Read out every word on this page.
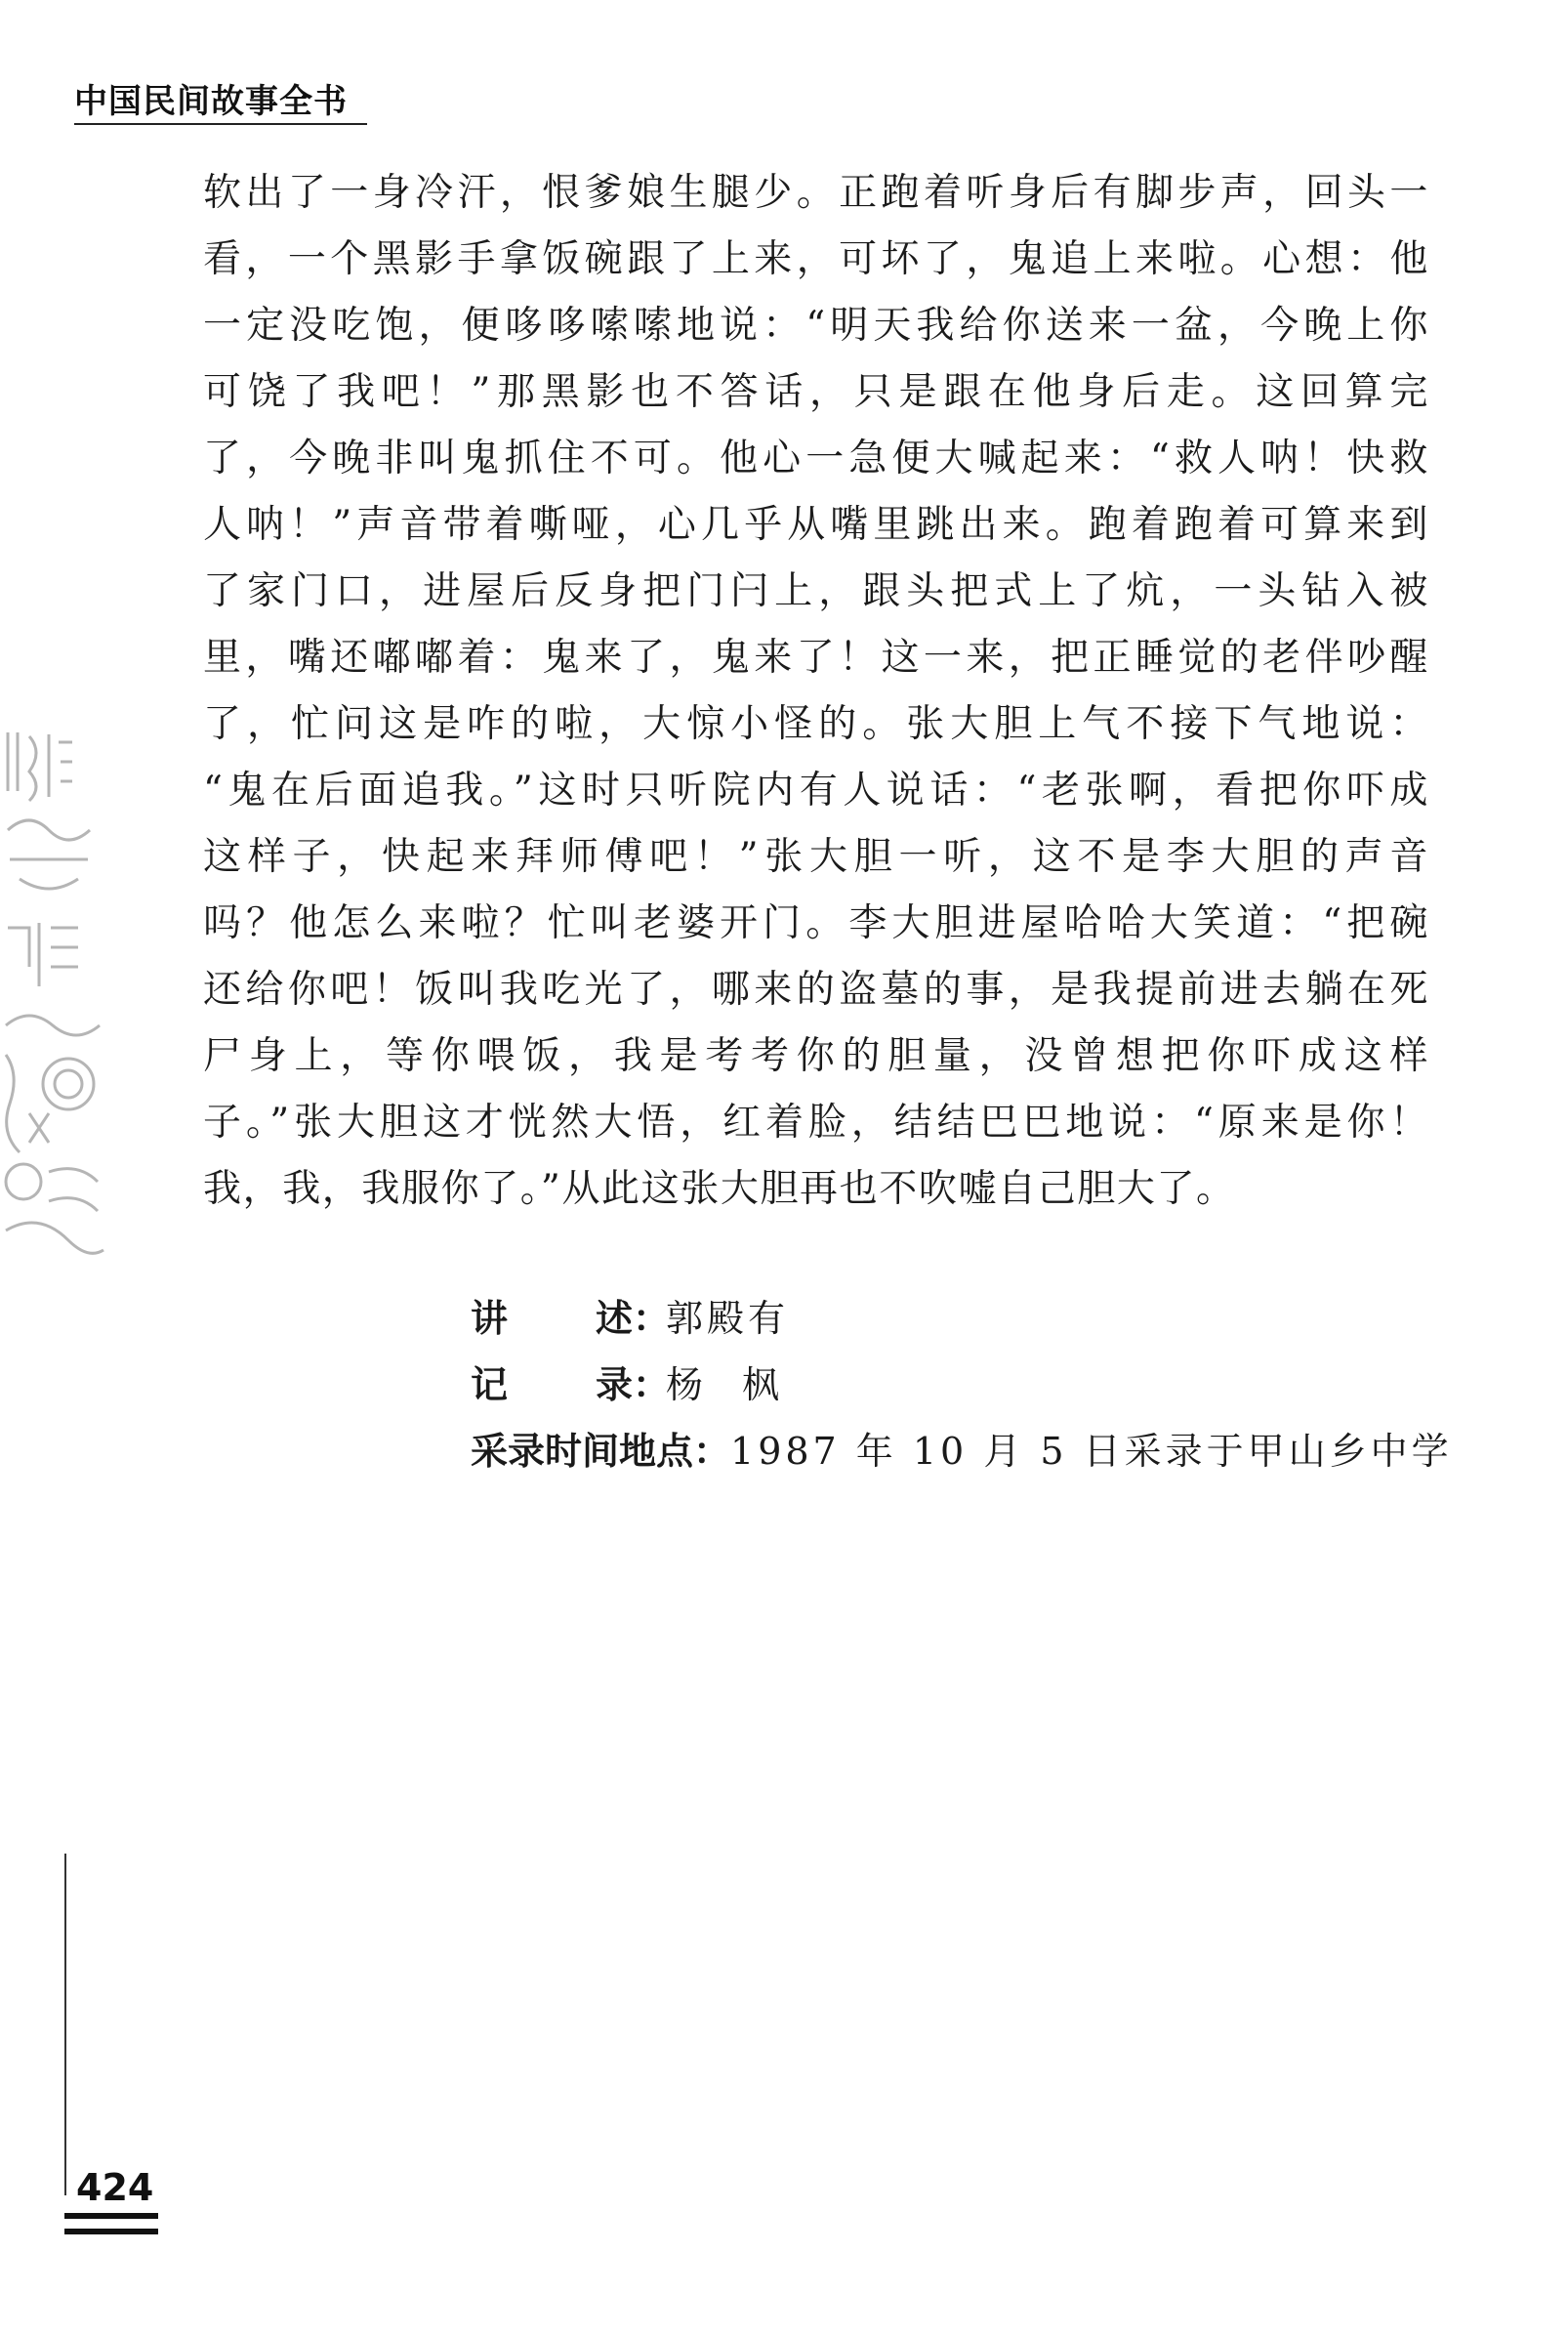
中国民间故事全书
软出了一身冷汗，恨爹娘生腿少。正跑着听身后有脚步声，回头一
看，一个黑影手拿饭碗跟了上来，可坏了，鬼追上来啦。心想：他
一定没吃饱，便哆哆嗦嗦地说：“明天我给你送来一盆，今晚上你
可饶了我吧！”那黑影也不答话，只是跟在他身后走。这回算完
了，今晚非叫鬼抓住不可。他心一急便大喊起来：“救人呐！快救
人呐！”声音带着嘶哑，心几乎从嘴里跳出来。跑着跑着可算来到
了家门口，进屋后反身把门闩上，跟头把式上了炕，一头钻入被
里，嘴还嘟嘟着：鬼来了，鬼来了！这一来，把正睡觉的老伴吵醒
了，忙问这是咋的啦，大惊小怪的。张大胆上气不接下气地说：
“鬼在后面追我。”这时只听院内有人说话：“老张啊，看把你吓成
这样子，快起来拜师傅吧！”张大胆一听，这不是李大胆的声音
吗？他怎么来啦？忙叫老婆开门。李大胆进屋哈哈大笑道：“把碗
还给你吧！饭叫我吃光了，哪来的盗墓的事，是我提前进去躺在死
尸身上，等你喂饭，我是考考你的胆量，没曾想把你吓成这样
子。”张大胆这才恍然大悟，红着脸，结结巴巴地说：“原来是你！
我，我，我服你了。”从此这张大胆再也不吹嘘自己胆大了。
讲 述：郭殿有
记 录：杨枫
采录时间地点：1987 年 10 月 5 日采录于甲山乡中学
424
